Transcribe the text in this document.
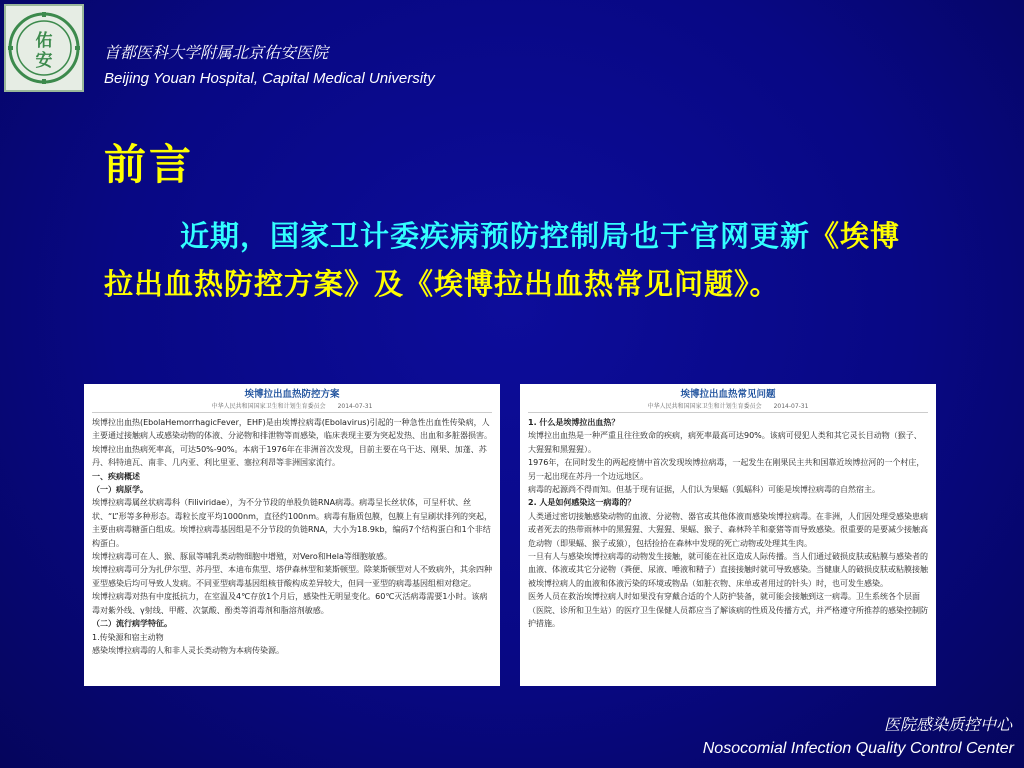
佑
安	首都医科大学附属北京佑安医院
Beijing Youan Hospital, Capital Medical University
前言

近期，国家卫计委疾病预防控制局也于官网更新《埃博拉出血热防控方案》及《埃博拉出血热常见问题》。

埃博拉出血热防控方案
中华人民共和国国家卫生和计划生育委员会　　2014-07-31

埃博拉出血热(EbolaHemorrhagicFever，EHF)是由埃博拉病毒(Ebolavirus)引起的一种急性出血性传染病，人主要通过接触病人或感染动物的体液、分泌物和排泄物等而感染，临床表现主要为突起发热、出血和多脏器损害。埃博拉出血热病死率高，可达50%-90%。本病于1976年在非洲首次发现，目前主要在乌干达、刚果、加蓬、苏丹、科特迪瓦、南非、几内亚、利比里亚、塞拉利昂等非洲国家流行。

一、疾病概述

（一）病原学。

埃博拉病毒属丝状病毒科（Filiviridae），为不分节段的单股负链RNA病毒。病毒呈长丝状体，可呈杆状、丝状、“L”形等多种形态。毒粒长度平均1000nm，直径约100nm。病毒有脂质包膜，包膜上有呈刷状排列的突起，主要由病毒糖蛋白组成。埃博拉病毒基因组是不分节段的负链RNA，大小为18.9kb，编码7个结构蛋白和1个非结构蛋白。

埃博拉病毒可在人、猴、豚鼠等哺乳类动物细胞中增殖，对Vero和Hela等细胞敏感。

埃博拉病毒可分为扎伊尔型、苏丹型、本迪布焦型、塔伊森林型和莱斯顿型。除莱斯顿型对人不致病外，其余四种亚型感染后均可导致人发病。不同亚型病毒基因组核苷酸构成差异较大，但同一亚型的病毒基因组相对稳定。

埃博拉病毒对热有中度抵抗力，在室温及4℃存放1个月后，感染性无明显变化。60℃灭活病毒需要1小时。该病毒对紫外线、γ射线、甲醛、次氯酸、酚类等消毒剂和脂溶剂敏感。

（二）流行病学特征。

1.传染源和宿主动物

感染埃博拉病毒的人和非人灵长类动物为本病传染源。

埃博拉出血热常见问题
中华人民共和国国家卫生和计划生育委员会　　2014-07-31

1. 什么是埃博拉出血热？

埃博拉出血热是一种严重且往往致命的疾病，病死率最高可达90%。该病可侵犯人类和其它灵长目动物（猴子、大猩猩和黑猩猩）。

1976年，在同时发生的两起疫情中首次发现埃博拉病毒，一起发生在刚果民主共和国靠近埃博拉河的一个村庄，另一起出现在苏丹一个边远地区。

病毒的起源尚不得而知。但基于现有证据，人们认为果蝠（狐蝠科）可能是埃博拉病毒的自然宿主。

2. 人是如何感染这一病毒的？

人类通过密切接触感染动物的血液、分泌物、器官或其他体液而感染埃博拉病毒。在非洲，人们因处理受感染患病或者死去的热带雨林中的黑猩猩、大猩猩、果蝠、猴子、森林羚羊和豪猪等而导致感染。很重要的是要减少接触高危动物（即果蝠、猴子或猿），包括捡拾在森林中发现的死亡动物或处理其生肉。

一旦有人与感染埃博拉病毒的动物发生接触，就可能在社区造成人际传播。当人们通过破损皮肤或粘膜与感染者的血液、体液或其它分泌物（粪便、尿液、唾液和精子）直接接触时就可导致感染。当健康人的破损皮肤或粘膜接触被埃博拉病人的血液和体液污染的环境或物品（如脏衣物、床单或者用过的针头）时，也可发生感染。

医务人员在救治埃博拉病人时如果没有穿戴合适的个人防护装备，就可能会接触到这一病毒。卫生系统各个层面（医院、诊所和卫生站）的医疗卫生保健人员都应当了解该病的性质及传播方式，并严格遵守所推荐的感染控制防护措施。

医院感染质控中心
Nosocomial Infection Quality Control Center
